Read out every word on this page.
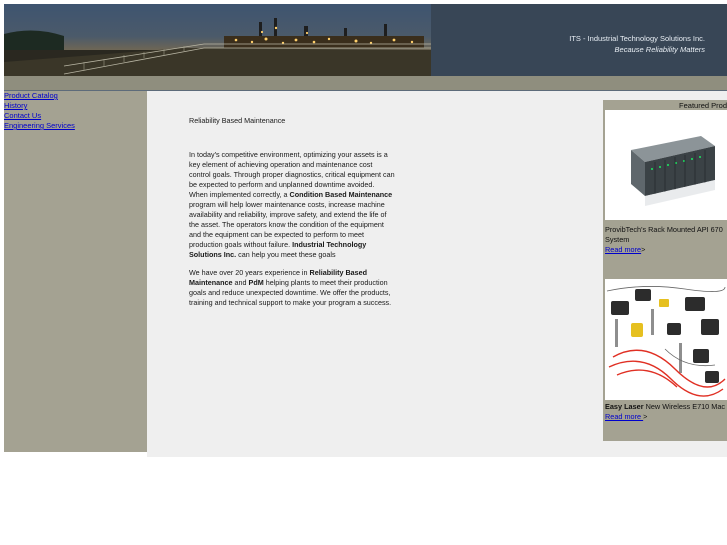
ITS - Industrial Technology Solutions Inc.
Because Reliability Matters
Product Catalog
History
Contact Us
Engineering Services
Reliability Based Maintenance

In today's competitive environment, optimizing your assets is a key element of achieving operation and maintenance cost control goals. Through proper diagnostics, critical equipment can be expected to perform and unplanned downtime avoided.
When implemented correctly, a Condition Based Maintenance program will help lower maintenance costs, increase machine availability and reliability, improve safety, and extend the life of the asset. The operators know the condition of the equipment and the equipment can be expected to perform to meet production goals without failure. Industrial Technology Solutions Inc. can help you meet these goals

We have over 20 years experience in Reliability Based Maintenance and PdM helping plants to meet their production goals and reduce unexpected downtime. We offer the products, training and technical support to make your program a success.

Featured Prod
ProvibTech's Rack Mounted API 670 System
Read more>
Easy Laser New Wireless E710 Mac
Read more >
